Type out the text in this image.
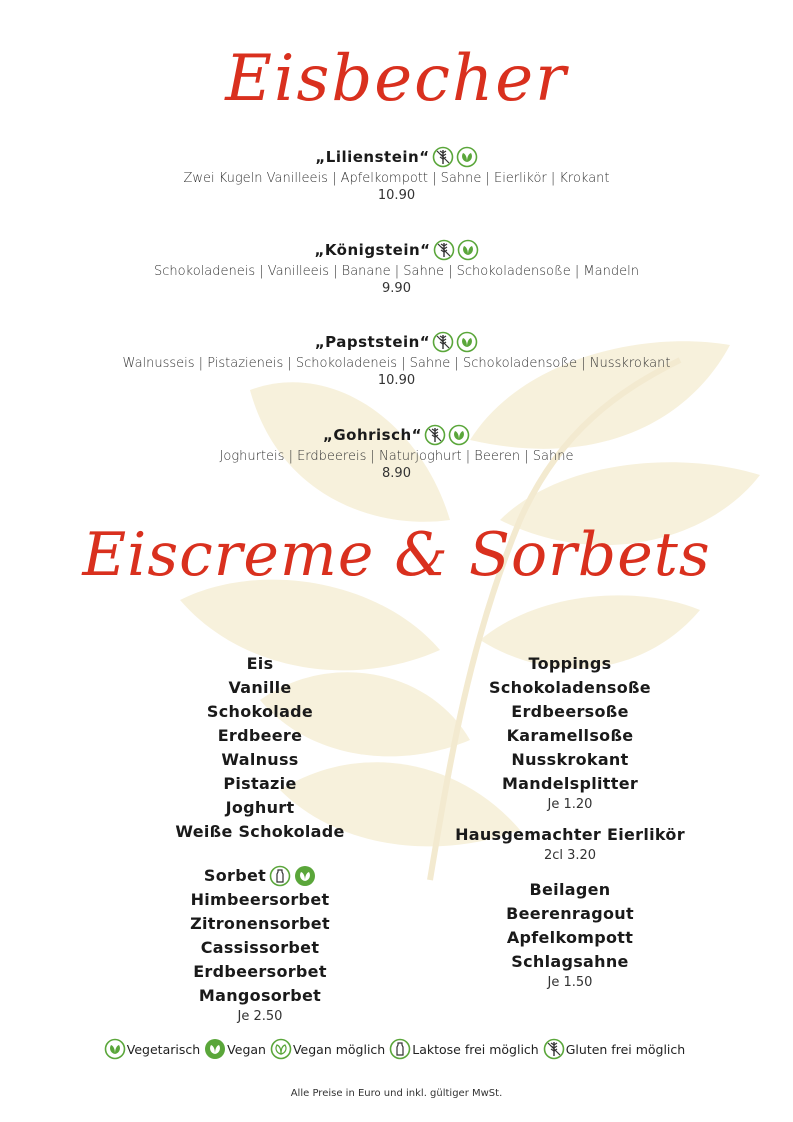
Eisbecher
„Lilienstein“
Zwei Kugeln Vanilleeis | Apfelkompott | Sahne | Eierlikör | Krokant
10.90
„Königstein“
Schokoladeneis | Vanilleeis | Banane | Sahne | Schokoladensoße | Mandeln
9.90
„Papststein“
Walnusseis | Pistazieneis | Schokoladeneis | Sahne | Schokoladensoße | Nusskrokant
10.90
„Gohrisch“
Joghurteis | Erdbeereis | Naturjoghurt | Beeren | Sahne
8.90
Eiscreme & Sorbets
Eis
Vanille
Schokolade
Erdbeere
Walnuss
Pistazie
Joghurt
Weiße Schokolade
Sorbet
Himbeersorbet
Zitronensorbet
Cassissorbet
Erdbeersorbet
Mangosorbet
Je 2.50
Toppings
Schokoladensoße
Erdbeersoße
Karamellsoße
Nusskrokant
Mandelsplitter
Je 1.20
Hausgemachter Eierlikör
2cl 3.20
Beilagen
Beerenragout
Apfelkompott
Schlagsahne
Je 1.50
Vegetarisch Vegan Vegan möglich Laktose frei möglich Gluten frei möglich
Alle Preise in Euro und inkl. gültiger MwSt.
